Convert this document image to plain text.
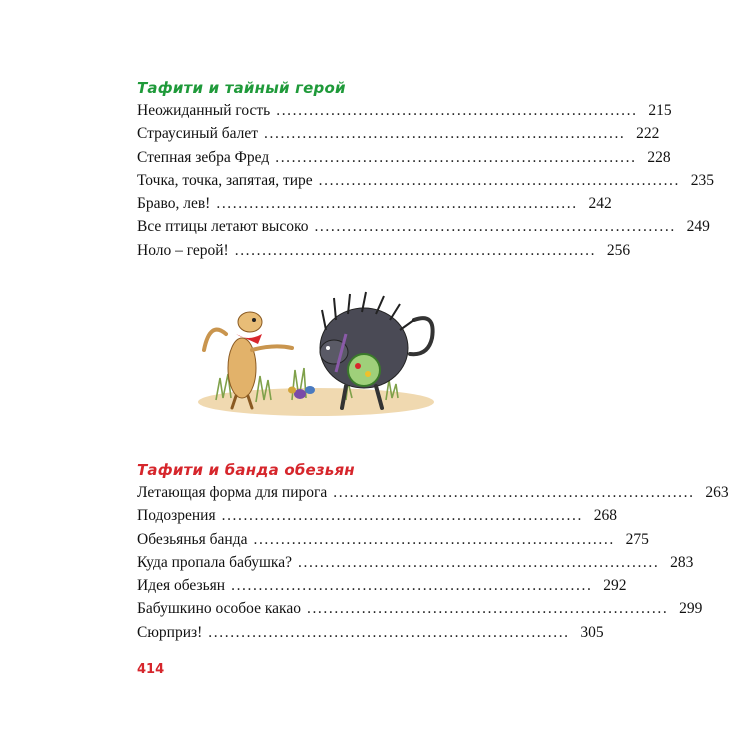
Тафити и тайный герой
Неожиданный гость .................................................................. 215
Страусиный балет .................................................................. 222
Степная зебра Фред .................................................................. 228
Точка, точка, запятая, тире .................................................................. 235
Браво, лев! .................................................................. 242
Все птицы летают высоко .................................................................. 249
Ноло – герой! .................................................................. 256
Тафити и банда обезьян
Летающая форма для пирога .................................................................. 263
Подозрения .................................................................. 268
Обезьянья банда .................................................................. 275
Куда пропала бабушка? .................................................................. 283
Идея обезьян .................................................................. 292
Бабушкино особое какао .................................................................. 299
Сюрприз! .................................................................. 305
414
